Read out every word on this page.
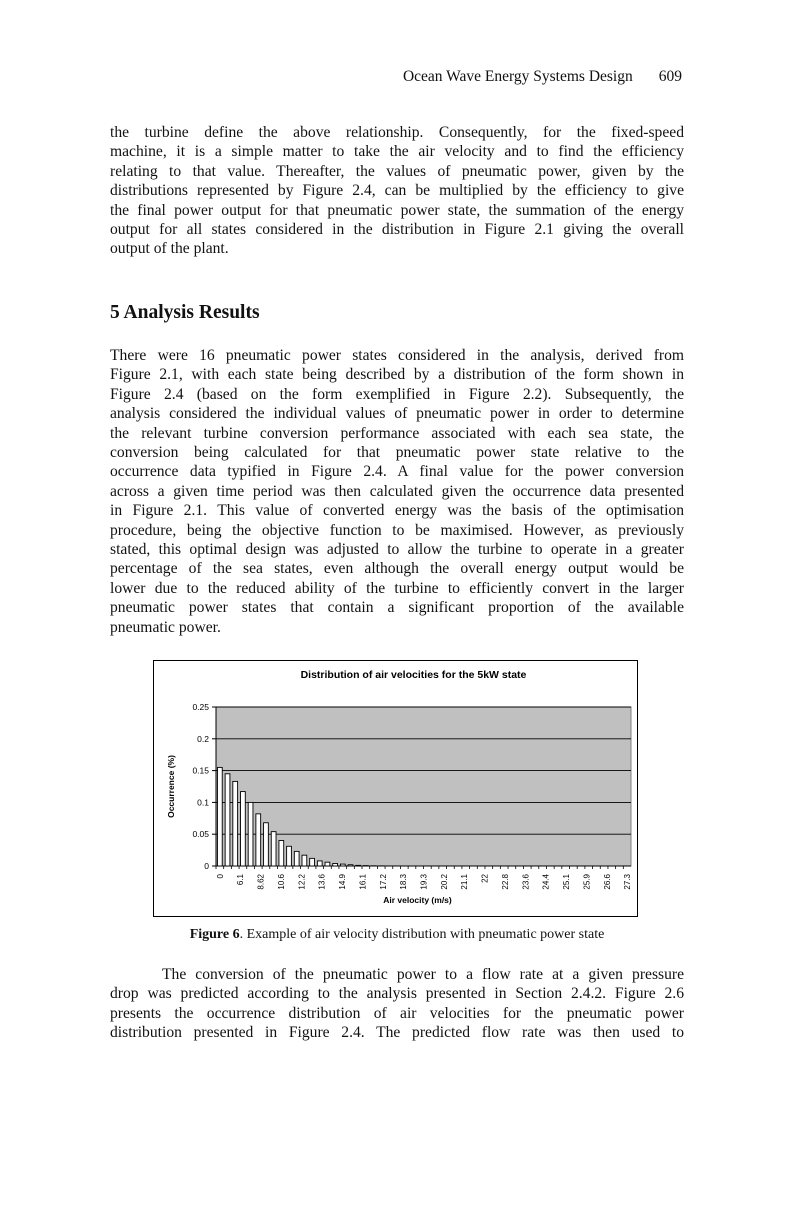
Ocean Wave Energy Systems Design 609

the turbine define the above relationship. Consequently, for the fixed-speed
machine, it is a simple matter to take the air velocity and to find the efficiency
relating to that value. Thereafter, the values of pneumatic power, given by the
distributions represented by Figure 2.4, can be multiplied by the efficiency to give
the final power output for that pneumatic power state, the summation of the energy
output for all states considered in the distribution in Figure 2.1 giving the overall
output of the plant.

5 Analysis Results

There were 16 pneumatic power states considered in the analysis, derived from
Figure 2.1, with each state being described by a distribution of the form shown in
Figure 2.4 (based on the form exemplified in Figure 2.2). Subsequently, the
analysis considered the individual values of pneumatic power in order to determine
the relevant turbine conversion performance associated with each sea state, the
conversion being calculated for that pneumatic power state relative to the
occurrence data typified in Figure 2.4. A final value for the power conversion
across a given time period was then calculated given the occurrence data presented
in Figure 2.1. This value of converted energy was the basis of the optimisation
procedure, being the objective function to be maximised. However, as previously
stated, this optimal design was adjusted to allow the turbine to operate in a greater
percentage of the sea states, even although the overall energy output would be
lower due to the reduced ability of the turbine to efficiently convert in the larger
pneumatic power states that contain a significant proportion of the available
pneumatic power.

Distribution of air velocities for the 5kW state
0
0.05
0.1
0.15
0.2
0.25
0 6.1 8.62 10.6 12.2 13.6 14.9 16.1 17.2 18.3 19.3 20.2 21.1 22 22.8 23.6 24.4 25.1 25.9 26.6 27.3
Air velocity (m/s)
Occurrence (%)
Figure 6. Example of air velocity distribution with pneumatic power state

The conversion of the pneumatic power to a flow rate at a given pressure
drop was predicted according to the analysis presented in Section 2.4.2. Figure 2.6
presents the occurrence distribution of air velocities for the pneumatic power
distribution presented in Figure 2.4. The predicted flow rate was then used to
